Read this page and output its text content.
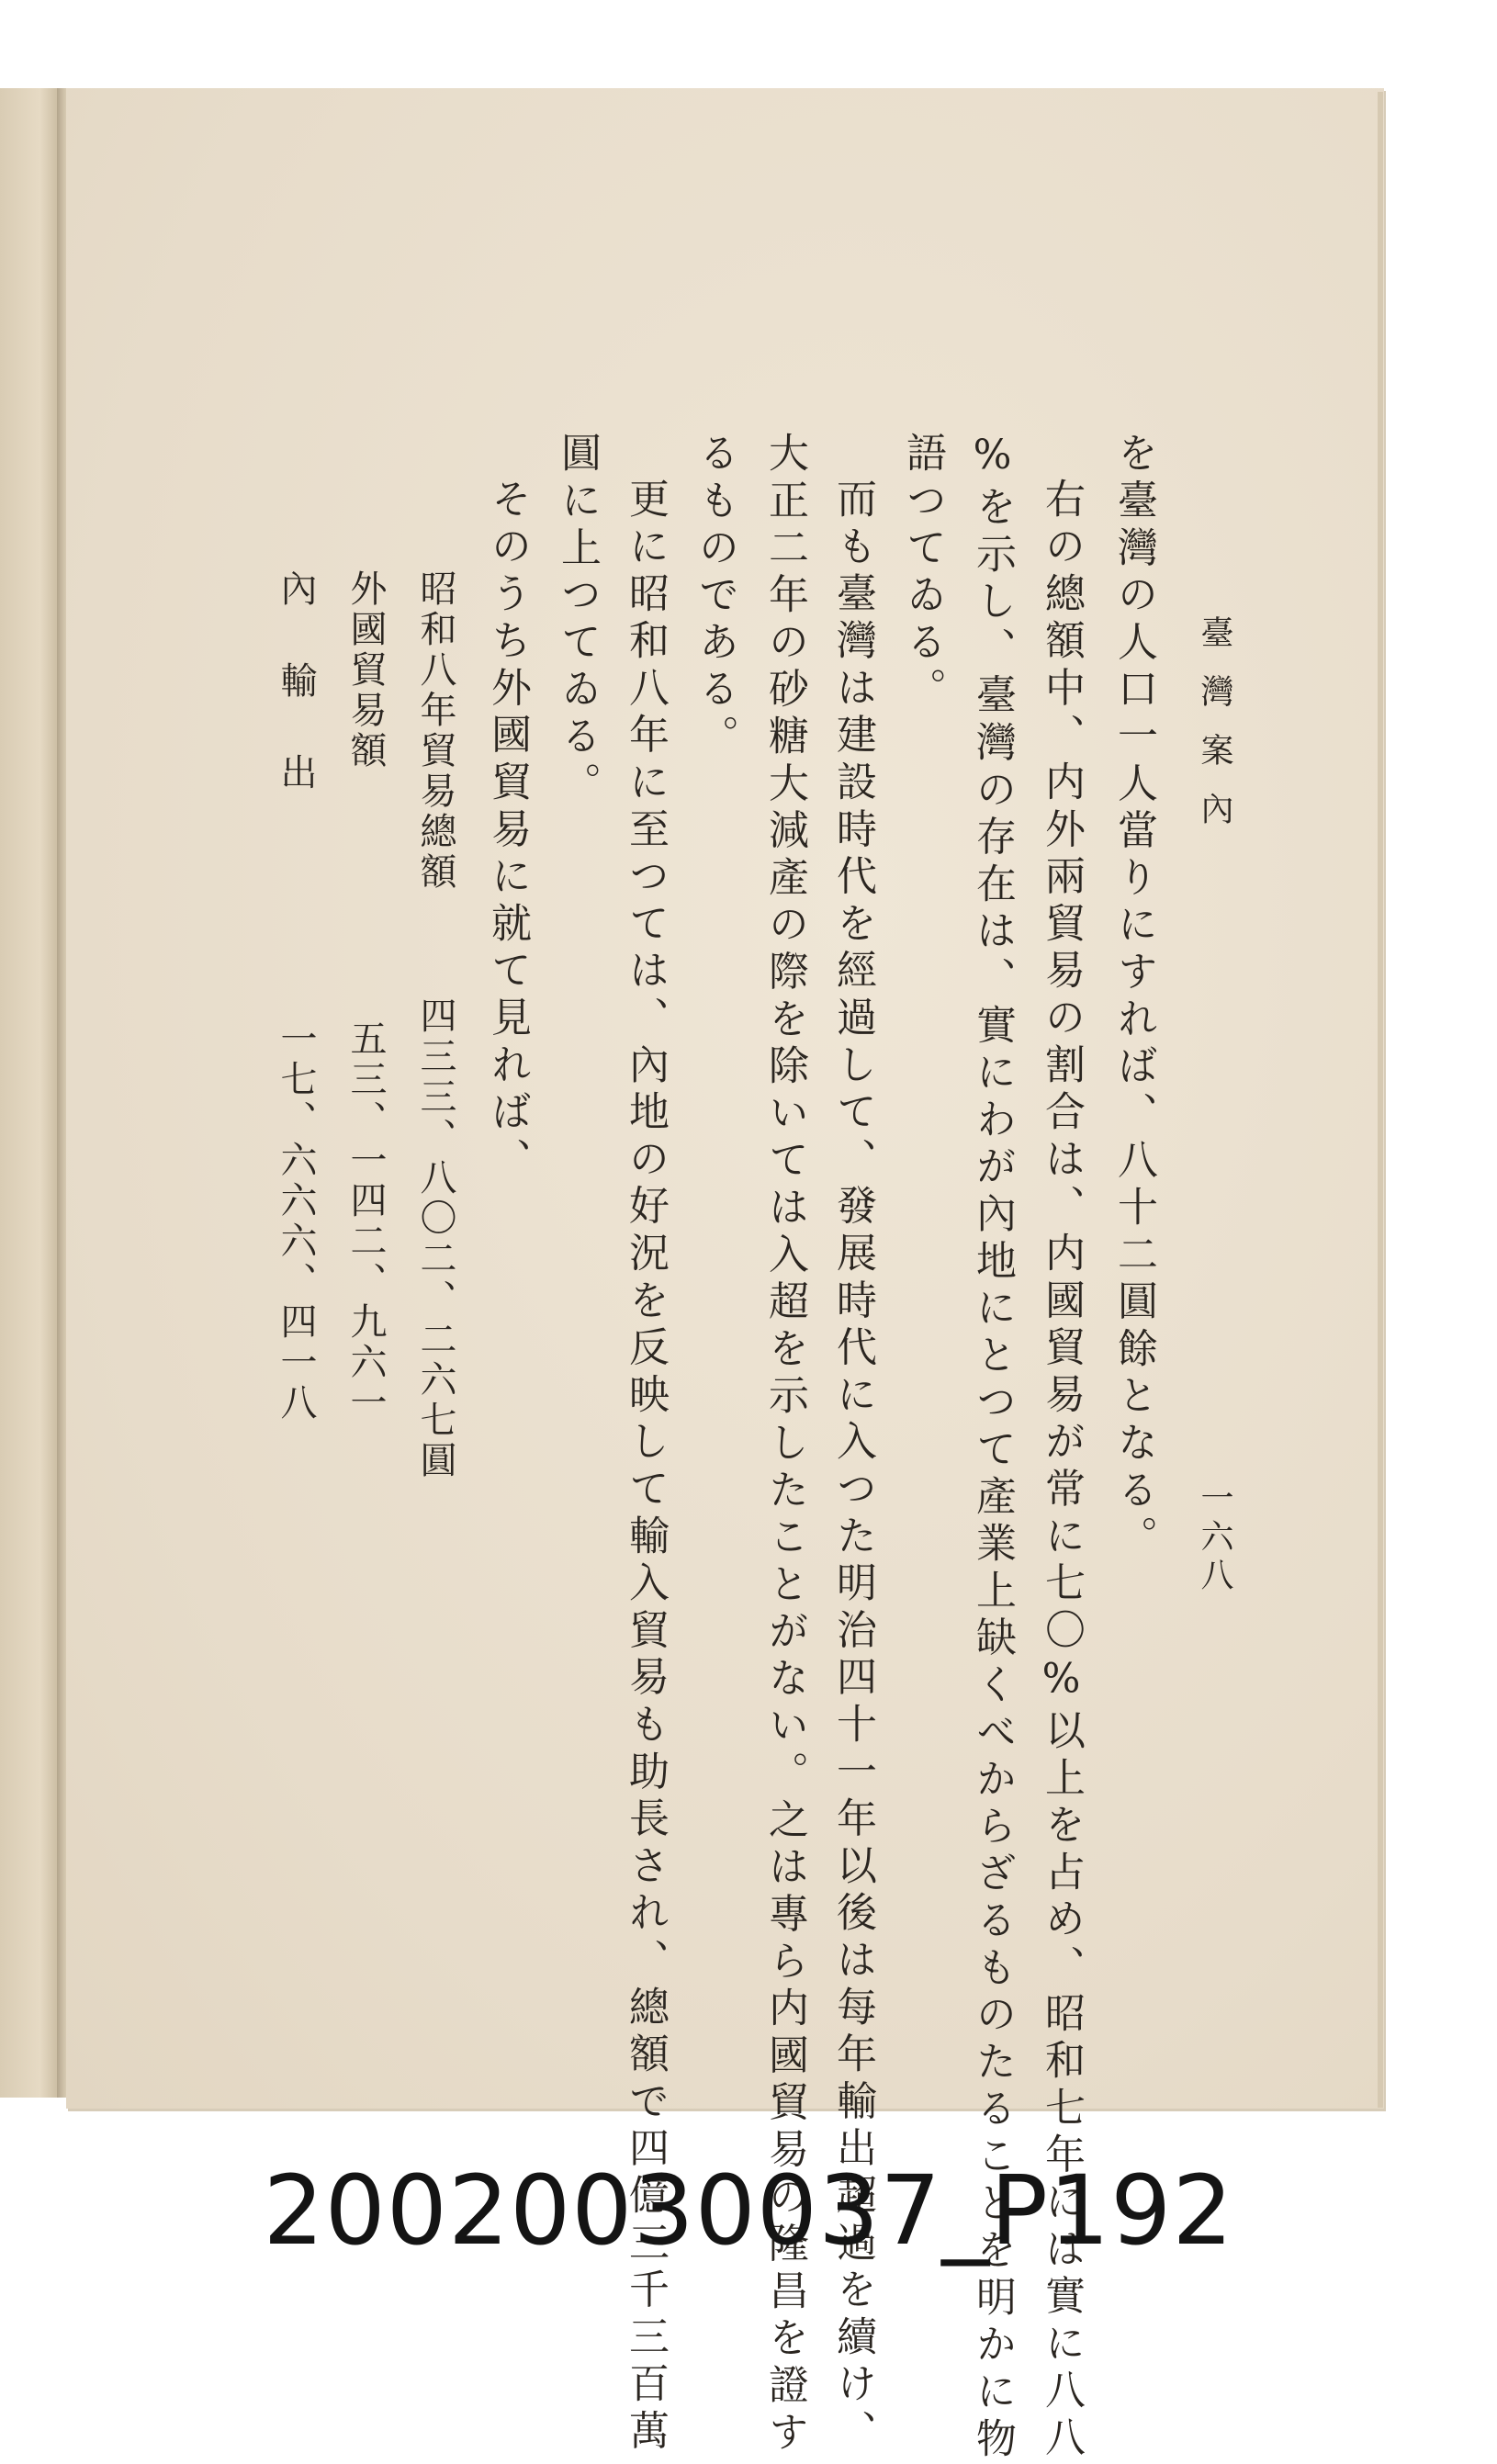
臺灣案內
一六八
を臺灣の人口一人當りにすれば、八十二圓餘となる。
右の總額中、内外兩貿易の割合は、内國貿易が常に七〇%以上を占め、昭和七年には實に八八
%を示し、臺灣の存在は、實にわが內地にとつて產業上缺くべからざるものたることを明かに物
語つてゐる。
而も臺灣は建設時代を經過して、發展時代に入つた明治四十一年以後は每年輸出超過を續け、
大正二年の砂糖大減產の際を除いては入超を示したことがない。之は專ら内國貿易の隆昌を證す
るものである。
更に昭和八年に至つては、內地の好況を反映して輸入貿易も助長され、總額で四億三千三百萬
圓に上つてゐる。
そのうち外國貿易に就て見れば、
昭和八年貿易總額
四三三、八〇二、二六七圓
外國貿易額
五三、一四二、九六一
內輸出
一七、六六六、四一八
20020030037_P192
